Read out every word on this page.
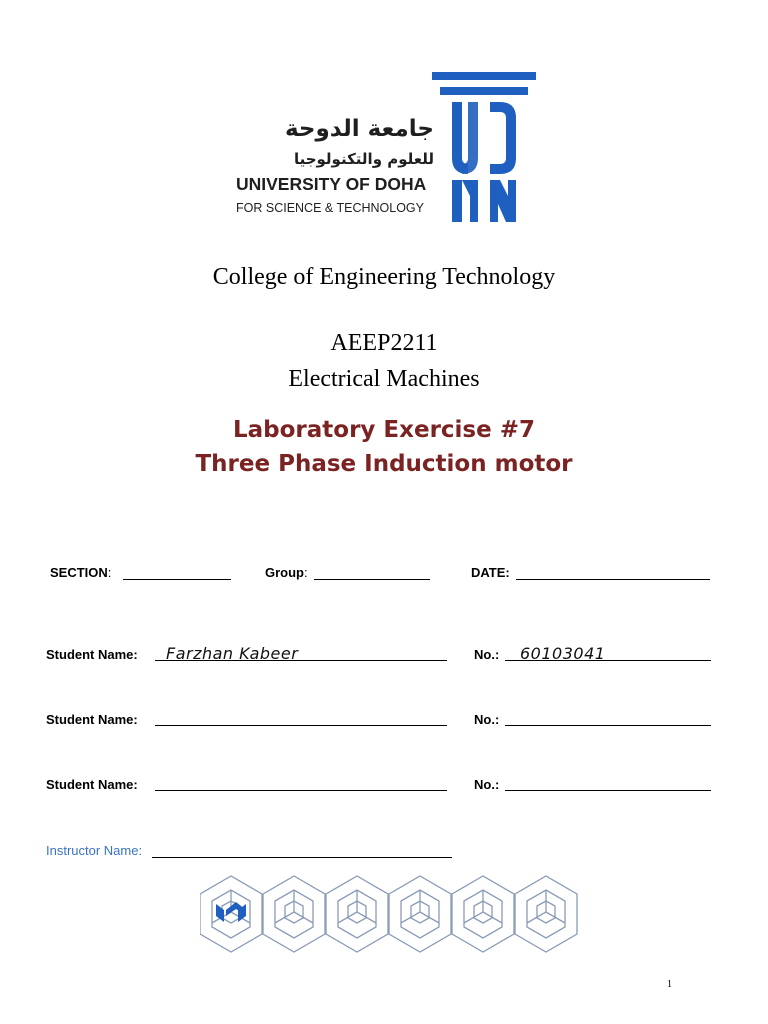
جامعة الدوحة
للعلوم والتكنولوجيا
UNIVERSITY OF DOHA
FOR SCIENCE & TECHNOLOGY
College of Engineering Technology
AEEP2211
Electrical Machines
Laboratory Exercise #7
Three Phase Induction motor
SECTION:	Group:	DATE:
Student Name: Farzhan Kabeer	No.: 60103041
Student Name:	No.:
Student Name:	No.:
Instructor Name:
1
